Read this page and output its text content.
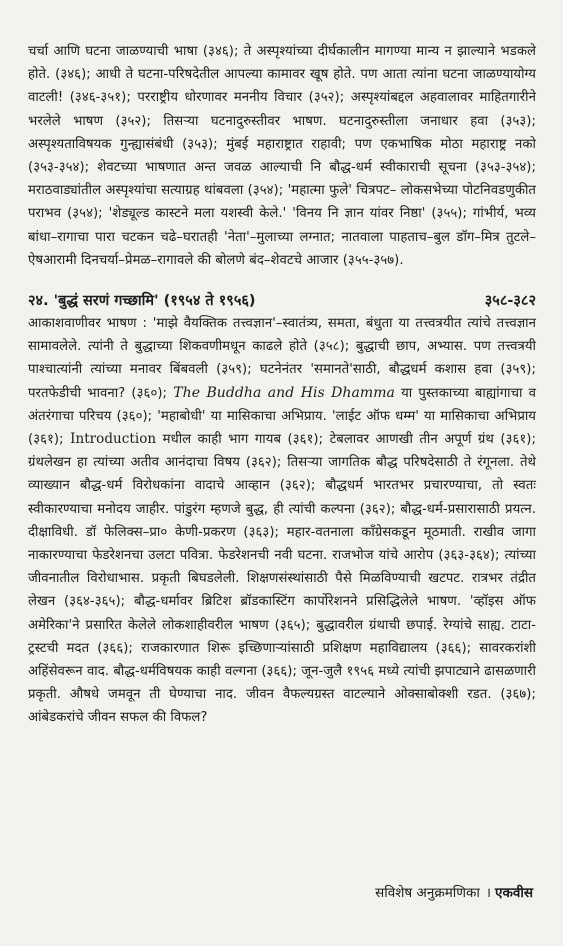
चर्चा आणि घटना जाळण्याची भाषा (३४६); ते अस्पृश्यांच्या दीर्घकालीन मागण्या मान्य न झाल्याने भडकले होते. (३४६); आधी ते घटना-परिषदेतील आपल्या कामावर खूष होते. पण आता त्यांना घटना जाळण्यायोग्य वाटली! (३४६-३५१); परराष्ट्रीय धोरणावर मननीय विचार (३५२); अस्पृश्यांबद्दल अहवालावर माहितगारीने भरलेले भाषण (३५२); तिसऱ्या घटनादुरुस्तीवर भाषण. घटनादुरुस्तीला जनाधार हवा (३५३); अस्पृश्यताविषयक गुन्ह्यासंबंधी (३५३); मुंबई महाराष्ट्रात राहावी; पण एकभाषिक मोठा महाराष्ट्र नको (३५३-३५४); शेवटच्या भाषणात अन्त जवळ आल्याची नि बौद्ध-धर्म स्वीकाराची सूचना (३५३-३५४); मराठवाड्यांतील अस्पृश्यांचा सत्याग्रह थांबवला (३५४); 'महात्मा फुले' चित्रपट– लोकसभेच्या पोटनिवडणुकीत पराभव (३५४); 'शेड्यूल्ड कास्टने मला यशस्वी केले.' 'विनय नि ज्ञान यांवर निष्ठा' (३५५); गांभीर्य, भव्य बांधा–रागाचा पारा चटकन चढे–घरातही 'नेता'–मुलाच्या लग्नात; नातवाला पाहताच–बुल डॉग–मित्र तुटले–ऐषआरामी दिनचर्या–प्रेमळ–रागावले की बोलणे बंद–शेवटचे आजार (३५५-३५७).

२४. 'बुद्धं सरणं गच्छामि' (१९५४ ते १९५६)	३५८-३८२

आकाशवाणीवर भाषण : 'माझे वैयक्तिक तत्त्वज्ञान'–स्वातंत्र्य, समता, बंधुता या तत्त्वत्रयीत त्यांचे तत्त्वज्ञान सामावलेले. त्यांनी ते बुद्धाच्या शिकवणीमधून काढले होते (३५८); बुद्धाची छाप, अभ्यास. पण तत्त्वत्रयी पाश्चात्यांनी त्यांच्या मनावर बिंबवली (३५९); घटनेनंतर 'समानते'साठी, बौद्धधर्म कशास हवा (३५९); परतफेडीची भावना? (३६०); The Buddha and His Dhamma या पुस्तकाच्या बाह्यांगाचा व अंतरंगाचा परिचय (३६०); 'महाबोधी' या मासिकाचा अभिप्राय. 'लाईट ऑफ धम्म' या मासिकाचा अभिप्राय (३६१); Introduction मधील काही भाग गायब (३६१); टेबलावर आणखी तीन अपूर्ण ग्रंथ (३६१); ग्रंथलेखन हा त्यांच्या अतीव आनंदाचा विषय (३६२); तिसऱ्या जागतिक बौद्ध परिषदेसाठी ते रंगूनला. तेथे व्याख्यान बौद्ध-धर्म विरोधकांना वादाचे आव्हान (३६२); बौद्धधर्म भारतभर प्रचारण्याचा, तो स्वतः स्वीकारण्याचा मनोदय जाहीर. पांडुरंग म्हणजे बुद्ध, ही त्यांची कल्पना (३६२); बौद्ध-धर्म-प्रसारासाठी प्रयत्न. दीक्षाविधी. डॉ फेलिक्स–प्रा० केणी-प्रकरण (३६३); महार-वतनाला काँग्रेसकडून मूठमाती. राखीव जागा नाकारण्याचा फेडरेशनचा उलटा पवित्रा. फेडरेशनची नवी घटना. राजभोज यांचे आरोप (३६३-३६४); त्यांच्या जीवनातील विरोधाभास. प्रकृती बिघडलेली. शिक्षणसंस्थांसाठी पैसे मिळविण्याची खटपट. रात्रभर तंद्रीत लेखन (३६४-३६५); बौद्ध-धर्मावर ब्रिटिश ब्रॉडकास्टिंग कार्पोरेशनने प्रसिद्धिलेले भाषण. 'व्हॉइस ऑफ अमेरिका'ने प्रसारित केलेले लोकशाहीवरील भाषण (३६५); बुद्धावरील ग्रंथाची छपाई. रेग्यांचे साह्य. टाटा-ट्रस्टची मदत (३६६); राजकारणात शिरू इच्छिणाऱ्यांसाठी प्रशिक्षण महाविद्यालय (३६६); सावरकरांशी अहिंसेवरून वाद. बौद्ध-धर्मविषयक काही वल्गना (३६६); जून-जुलै १९५६ मध्ये त्यांची झपाट्याने ढासळणारी प्रकृती. औषधे जमवून ती घेण्याचा नाद. जीवन वैफल्यग्रस्त वाटल्याने ओक्साबोक्शी रडत. (३६७); आंबेडकरांचे जीवन सफल की विफल?

सविशेष अनुक्रमणिका । एकवीस
